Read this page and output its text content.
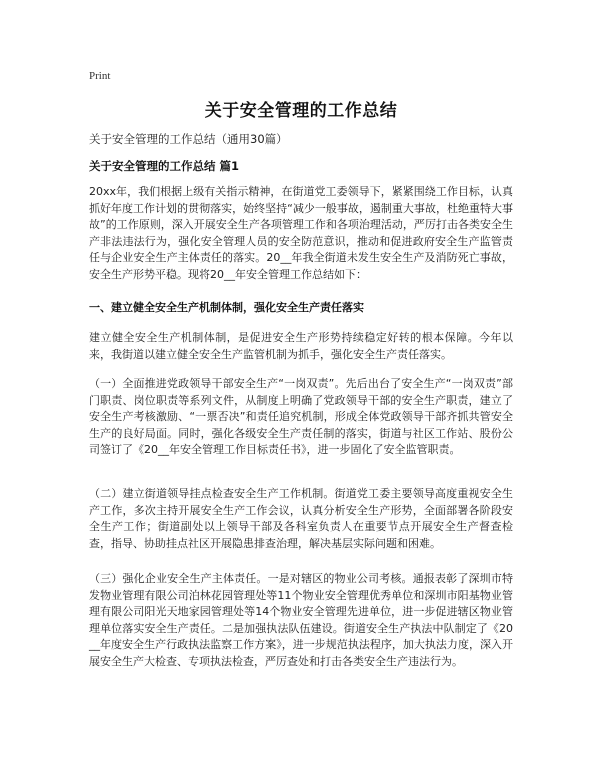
Print
关于安全管理的工作总结
关于安全管理的工作总结（通用30篇）
关于安全管理的工作总结 篇1

20xx年，我们根据上级有关指示精神，在街道党工委领导下，紧紧围绕工作目标，认真抓好年度工作计划的贯彻落实，始终坚持“减少一般事故，遏制重大事故，杜绝重特大事故”的工作原则，深入开展安全生产各项管理工作和各项治理活动，严厉打击各类安全生产非法违法行为，强化安全管理人员的安全防范意识，推动和促进政府安全生产监管责任与企业安全生产主体责任的落实。20__年我全街道未发生安全生产及消防死亡事故，安全生产形势平稳。现将20__年安全管理工作总结如下：

一、建立健全安全生产机制体制，强化安全生产责任落实

建立健全安全生产机制体制，是促进安全生产形势持续稳定好转的根本保障。今年以来，我街道以建立健全安全生产监管机制为抓手，强化安全生产责任落实。

（一）全面推进党政领导干部安全生产“一岗双责”。先后出台了安全生产“一岗双责”部门职责、岗位职责等系列文件，从制度上明确了党政领导干部的安全生产职责，建立了安全生产考核激励、“一票否决”和责任追究机制，形成全体党政领导干部齐抓共管安全生产的良好局面。同时，强化各级安全生产责任制的落实，街道与社区工作站、股份公司签订了《20__年安全管理工作目标责任书》，进一步固化了安全监管职责。

（二）建立街道领导挂点检查安全生产工作机制。街道党工委主要领导高度重视安全生产工作，多次主持开展安全生产工作会议，认真分析安全生产形势，全面部署各阶段安全生产工作；街道副处以上领导干部及各科室负责人在重要节点开展安全生产督查检查，指导、协助挂点社区开展隐患排查治理，解决基层实际问题和困难。

（三）强化企业安全生产主体责任。一是对辖区的物业公司考核。通报表彰了深圳市特发物业管理有限公司泊林花园管理处等11个物业安全管理优秀单位和深圳市阳基物业管理有限公司阳光天地家园管理处等14个物业安全管理先进单位，进一步促进辖区物业管理单位落实安全生产责任。二是加强执法队伍建设。街道安全生产执法中队制定了《20__年度安全生产行政执法监察工作方案》，进一步规范执法程序，加大执法力度，深入开展安全生产大检查、专项执法检查，严厉查处和打击各类安全生产违法行为。
